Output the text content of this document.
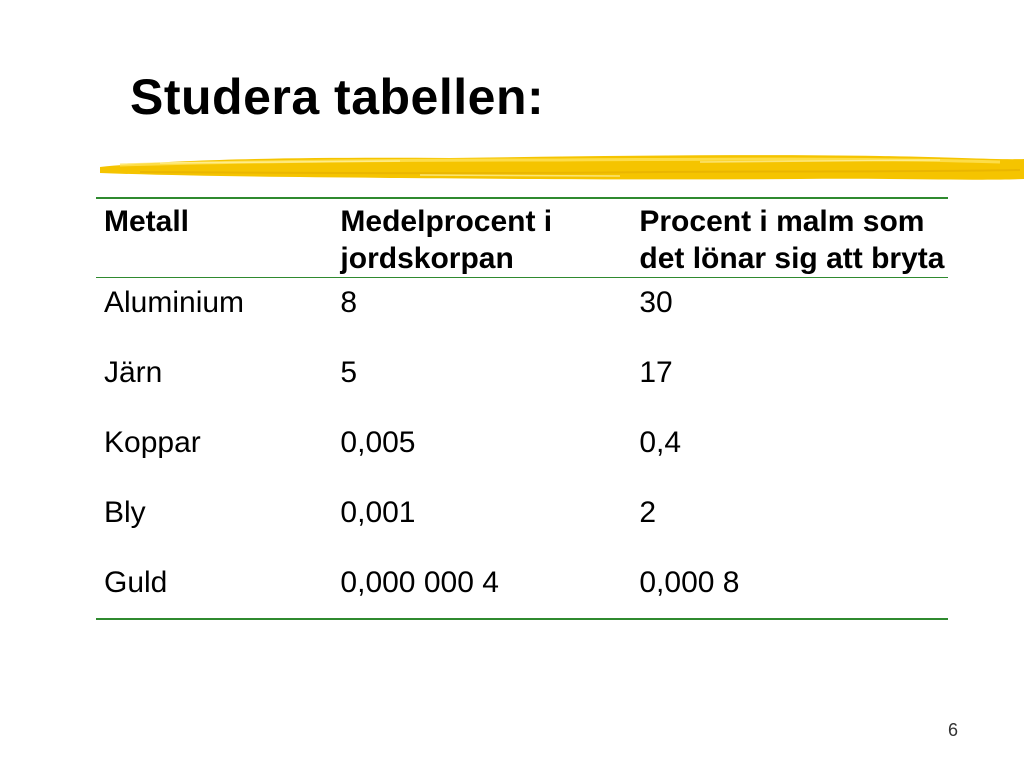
Studera tabellen:
Metall	Medelprocent i jordskorpan	Procent i malm som det lönar sig att bryta
Aluminium	8	30
Järn	5	17
Koppar	0,005	0,4
Bly	0,001	2
Guld	0,000 000 4	0,000 8
6
